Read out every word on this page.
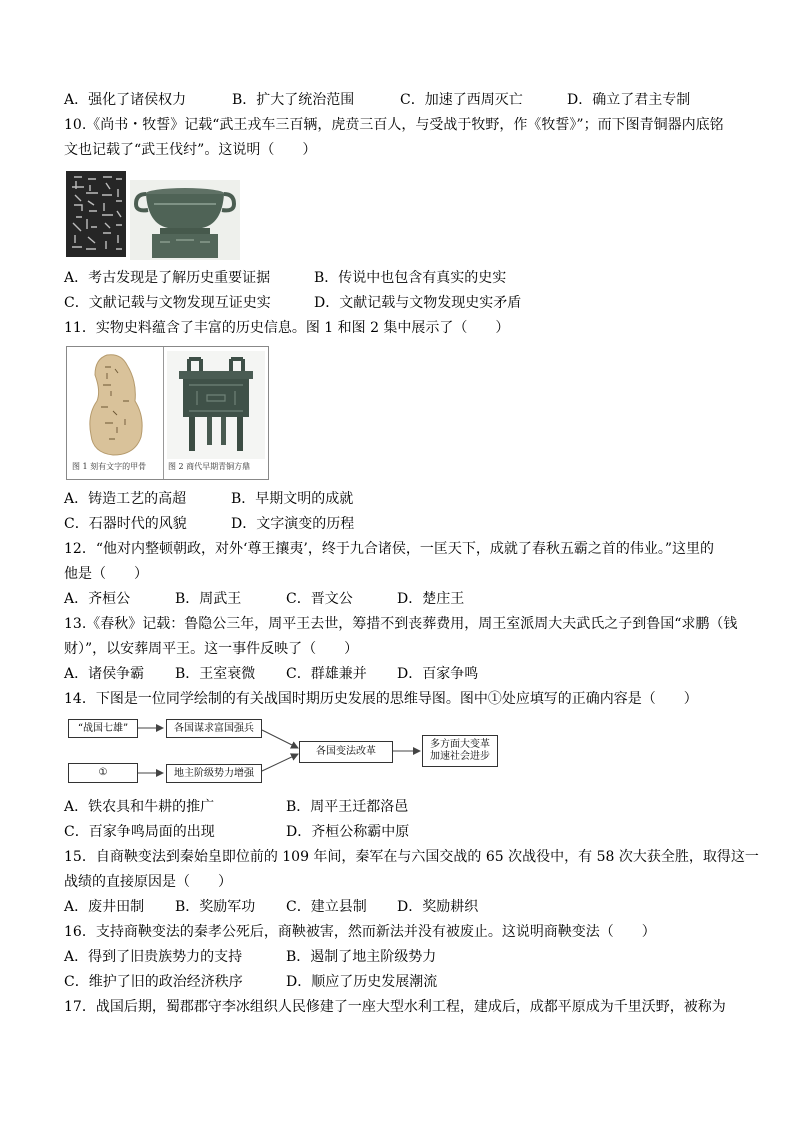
A．强化了诸侯权力	B．扩大了统治范围	C．加速了西周灭亡	D．确立了君主专制
10.《尚书・牧誓》记载“武王戎车三百辆，虎贲三百人，与受战于牧野，作《牧誓》”；而下图青铜器内底铭
文也记载了“武王伐纣”。这说明（　　）
A．考古发现是了解历史重要证据	B．传说中也包含有真实的史实
C．文献记载与文物发现互证史实	D．文献记载与文物发现史实矛盾
11．实物史料蕴含了丰富的历史信息。图 1 和图 2 集中展示了（　　）
图 1 刻有文字的甲骨	图 2 商代早期青铜方鼎
A．铸造工艺的高超	B．早期文明的成就
C．石器时代的风貌	D．文字演变的历程
12．“他对内整顿朝政，对外‘尊王攘夷’，终于九合诸侯，一匡天下，成就了春秋五霸之首的伟业。”这里的
他是（　　）
A．齐桓公	B．周武王	C．晋文公	D．楚庄王
13.《春秋》记载：鲁隐公三年，周平王去世，筹措不到丧葬费用，周王室派周大夫武氏之子到鲁国“求鹏（钱
财）”，以安葬周平王。这一事件反映了（　　）
A．诸侯争霸 B．王室衰微 C．群雄兼并 D．百家争鸣
14．下图是一位同学绘制的有关战国时期历史发展的思维导图。图中①处应填写的正确内容是（　　）
“战国七雄”	各国谋求富国强兵
①	地主阶级势力增强
各国变法改革
多方面大变革
加速社会进步
A．铁农具和牛耕的推广	B．周平王迁都洛邑
C．百家争鸣局面的出现	D．齐桓公称霸中原
15．自商鞅变法到秦始皇即位前的 109 年间，秦军在与六国交战的 65 次战役中，有 58 次大获全胜，取得这一
战绩的直接原因是（　　）
A．废井田制 B．奖励军功 C．建立县制 D．奖励耕织
16．支持商鞅变法的秦孝公死后，商鞅被害，然而新法并没有被废止。这说明商鞅变法（　　）
A．得到了旧贵族势力的支持	B．遏制了地主阶级势力
C．维护了旧的政治经济秩序	D．顺应了历史发展潮流
17．战国后期，蜀郡郡守李冰组织人民修建了一座大型水利工程，建成后，成都平原成为千里沃野，被称为
